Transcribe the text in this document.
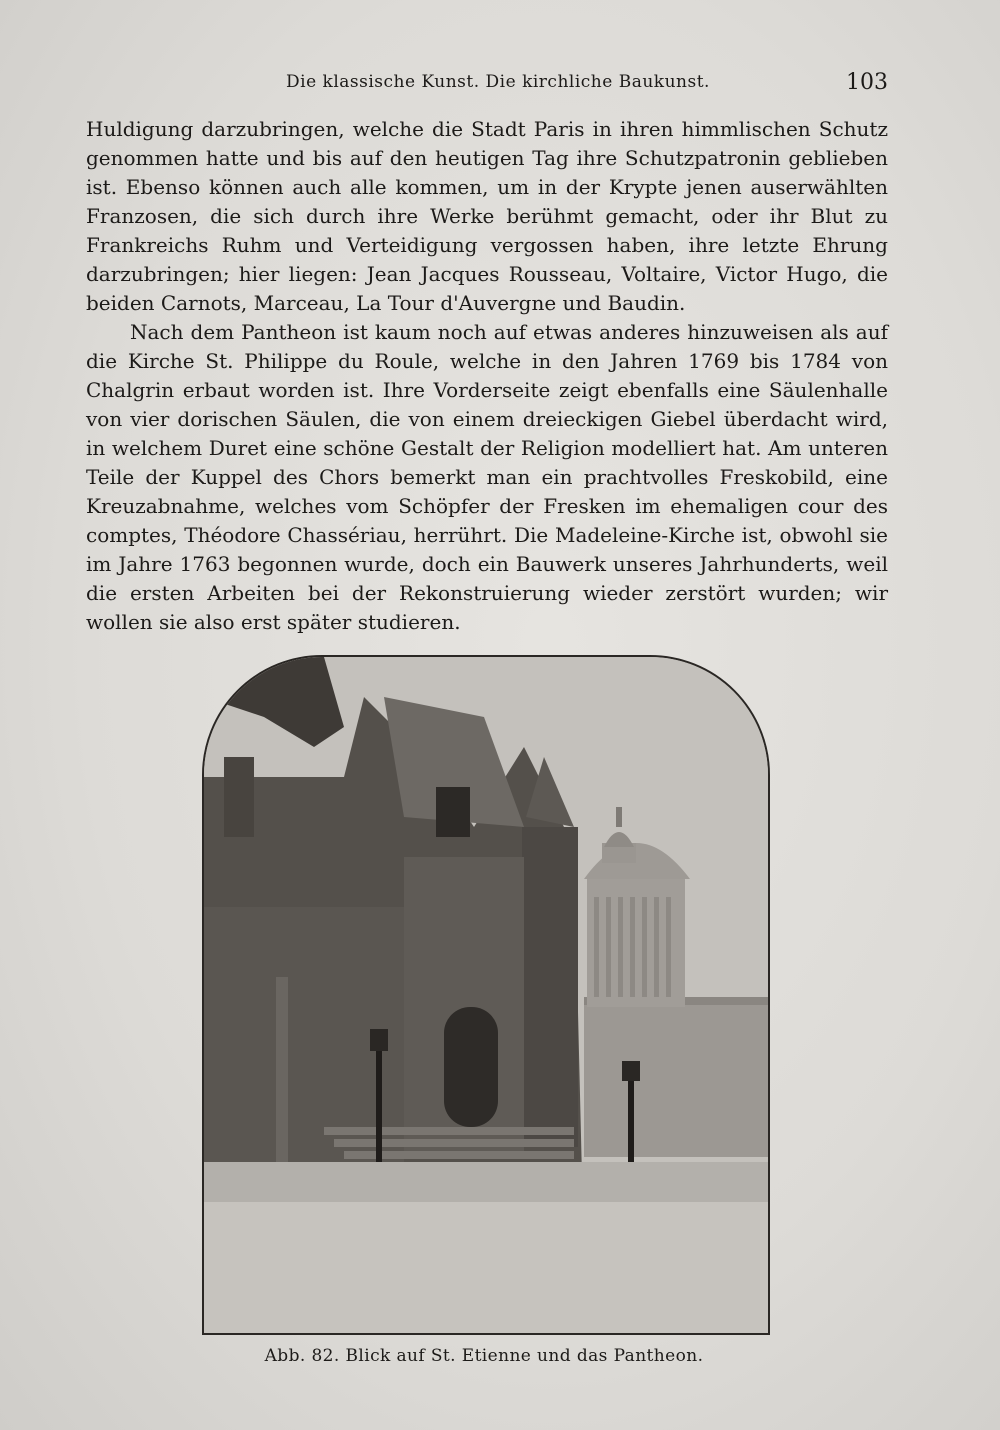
Die klassische Kunst. Die kirchliche Baukunst.	103

Huldigung darzubringen, welche die Stadt Paris in ihren himmlischen Schutz genommen hatte und bis auf den heutigen Tag ihre Schutzpatronin geblieben ist. Ebenso können auch alle kommen, um in der Krypte jenen auserwählten Franzosen, die sich durch ihre Werke berühmt gemacht, oder ihr Blut zu Frankreichs Ruhm und Verteidigung vergossen haben, ihre letzte Ehrung darzubringen; hier liegen: Jean Jacques Rousseau, Voltaire, Victor Hugo, die beiden Carnots, Marceau, La Tour d'Auvergne und Baudin.

Nach dem Pantheon ist kaum noch auf etwas anderes hinzuweisen als auf die Kirche St. Philippe du Roule, welche in den Jahren 1769 bis 1784 von Chalgrin erbaut worden ist. Ihre Vorderseite zeigt ebenfalls eine Säulenhalle von vier dorischen Säulen, die von einem dreieckigen Giebel überdacht wird, in welchem Duret eine schöne Gestalt der Religion modelliert hat. Am unteren Teile der Kuppel des Chors bemerkt man ein prachtvolles Freskobild, eine Kreuzabnahme, welches vom Schöpfer der Fresken im ehemaligen cour des comptes, Théodore Chassériau, herrührt. Die Madeleine-Kirche ist, obwohl sie im Jahre 1763 begonnen wurde, doch ein Bauwerk unseres Jahrhunderts, weil die ersten Arbeiten bei der Rekonstruierung wieder zerstört wurden; wir wollen sie also erst später studieren.

Abb. 82. Blick auf St. Etienne und das Pantheon.
